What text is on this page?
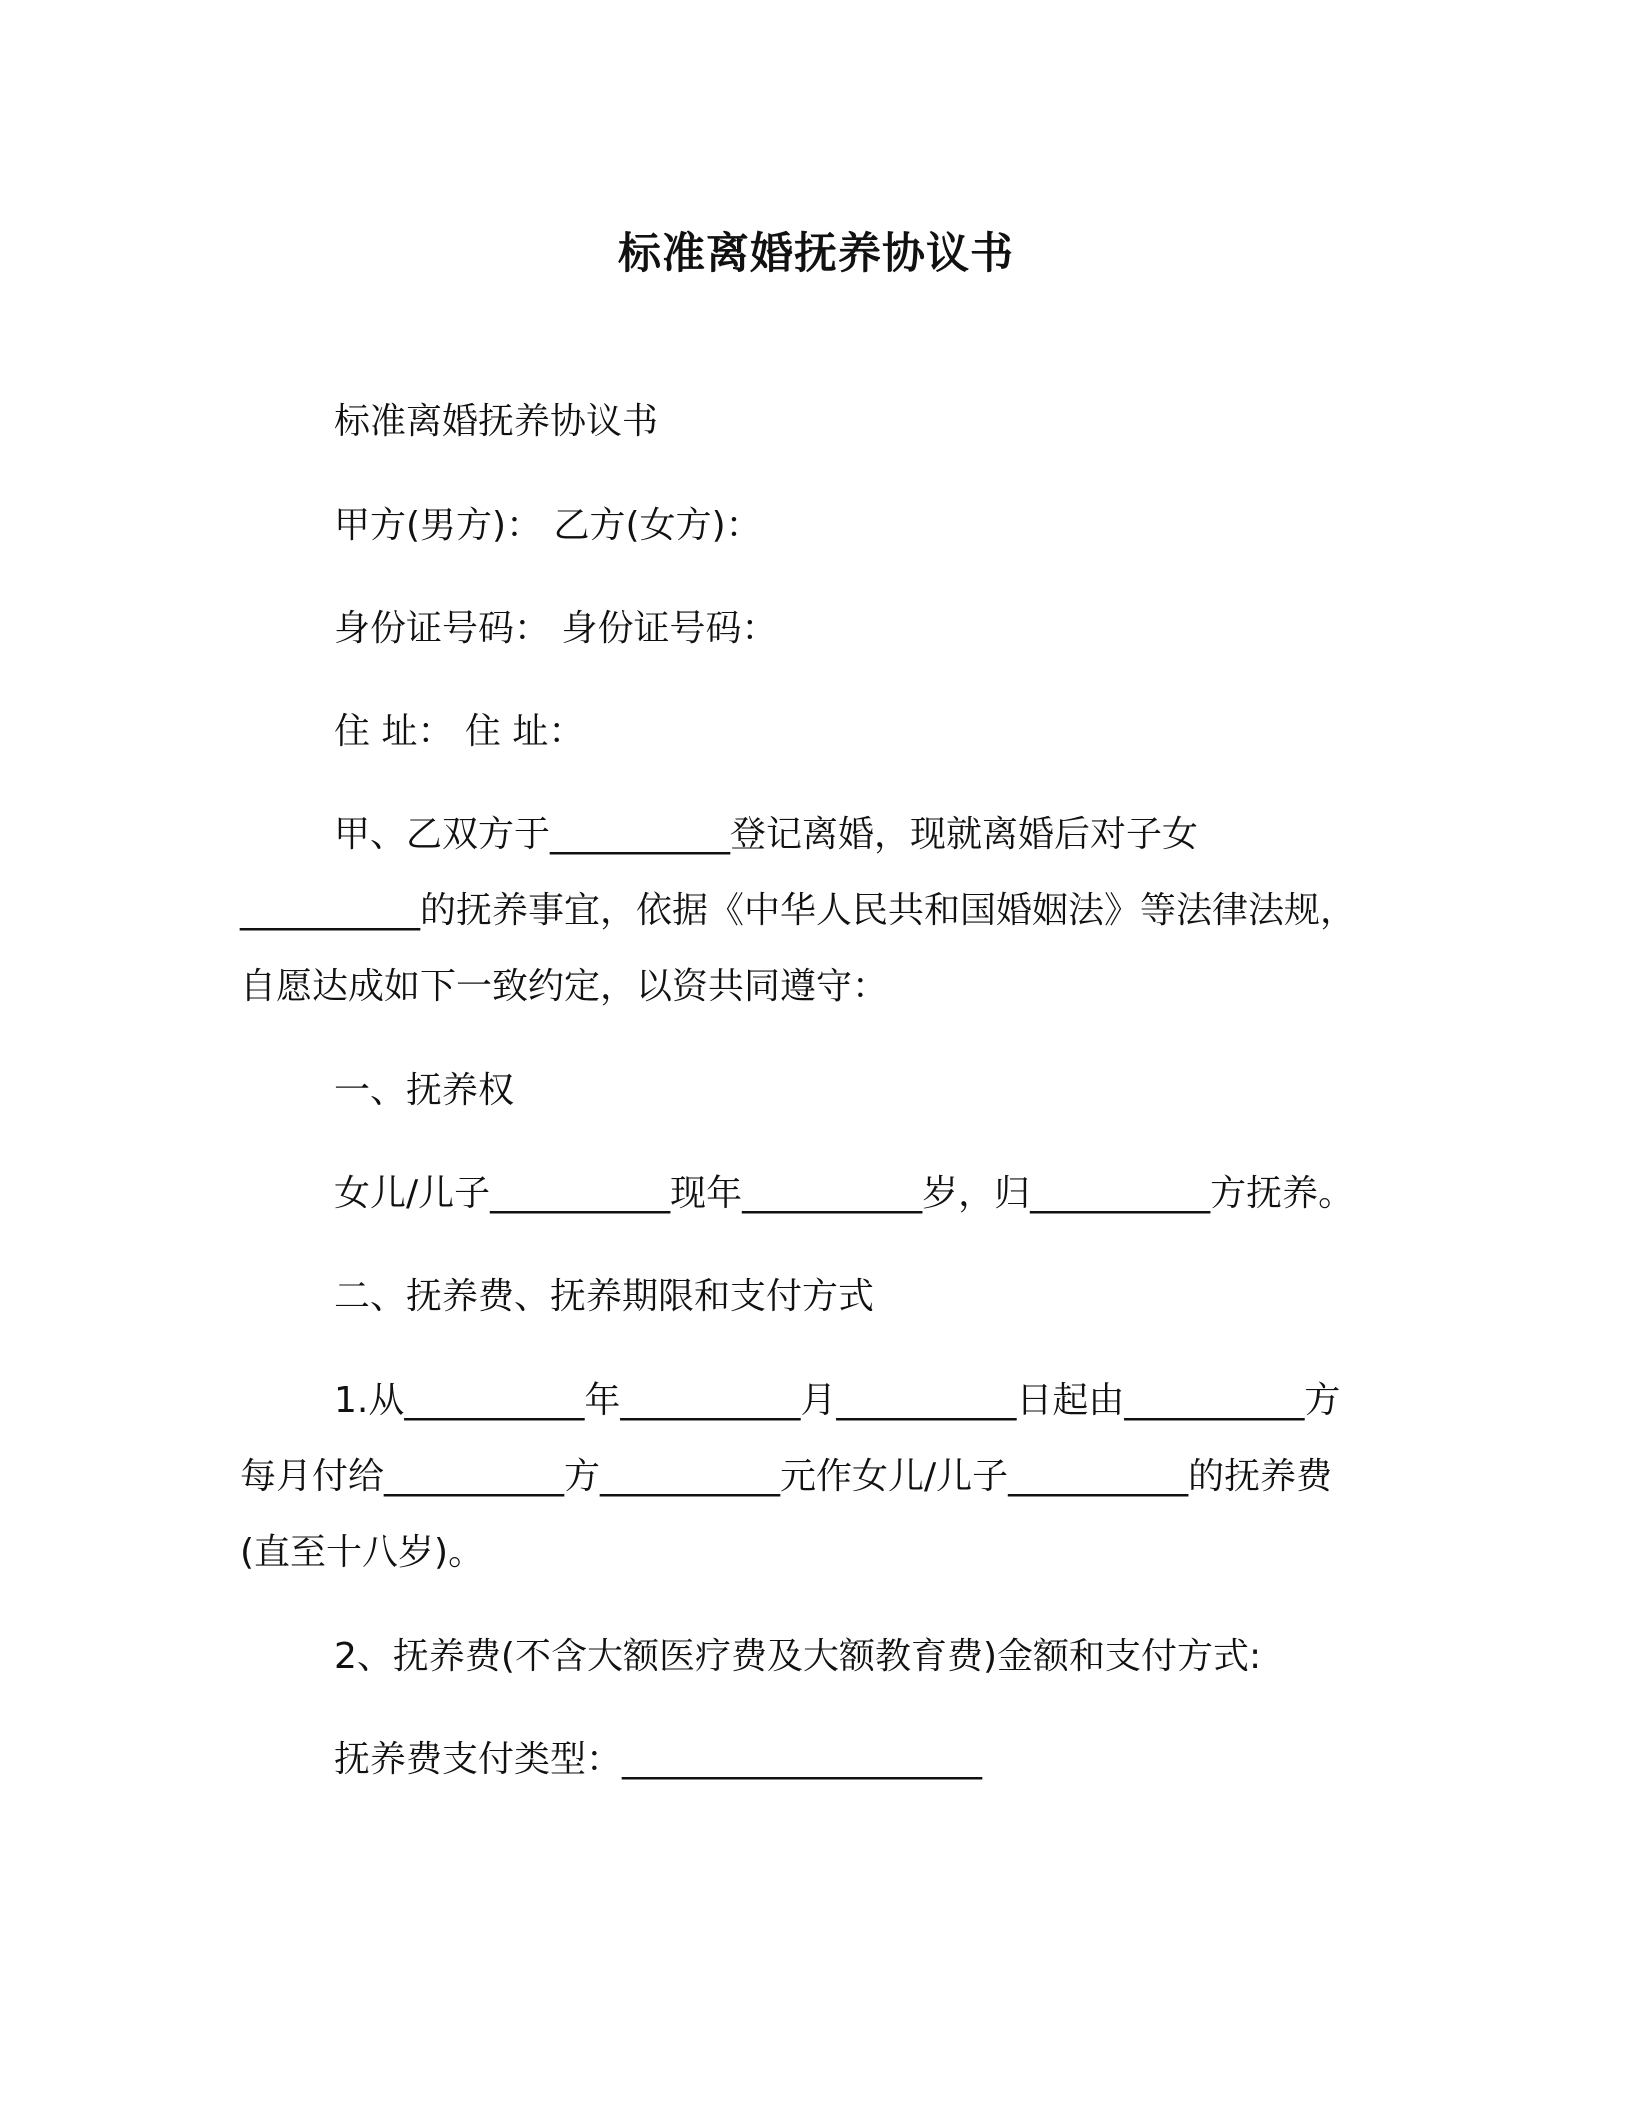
标准离婚抚养协议书

标准离婚抚养协议书

甲方(男方)： 乙方(女方)：

身份证号码： 身份证号码：

住 址： 住 址：

甲、乙双方于__________登记离婚，现就离婚后对子女

__________的抚养事宜，依据《中华人民共和国婚姻法》等法律法规，

自愿达成如下一致约定，以资共同遵守：

一、抚养权

女儿/儿子__________现年__________岁，归__________方抚养。

二、抚养费、抚养期限和支付方式

1.从__________年__________月__________日起由__________方

每月付给__________方__________元作女儿/儿子__________的抚养费

(直至十八岁)。

2、抚养费(不含大额医疗费及大额教育费)金额和支付方式:

抚养费支付类型：____________________
